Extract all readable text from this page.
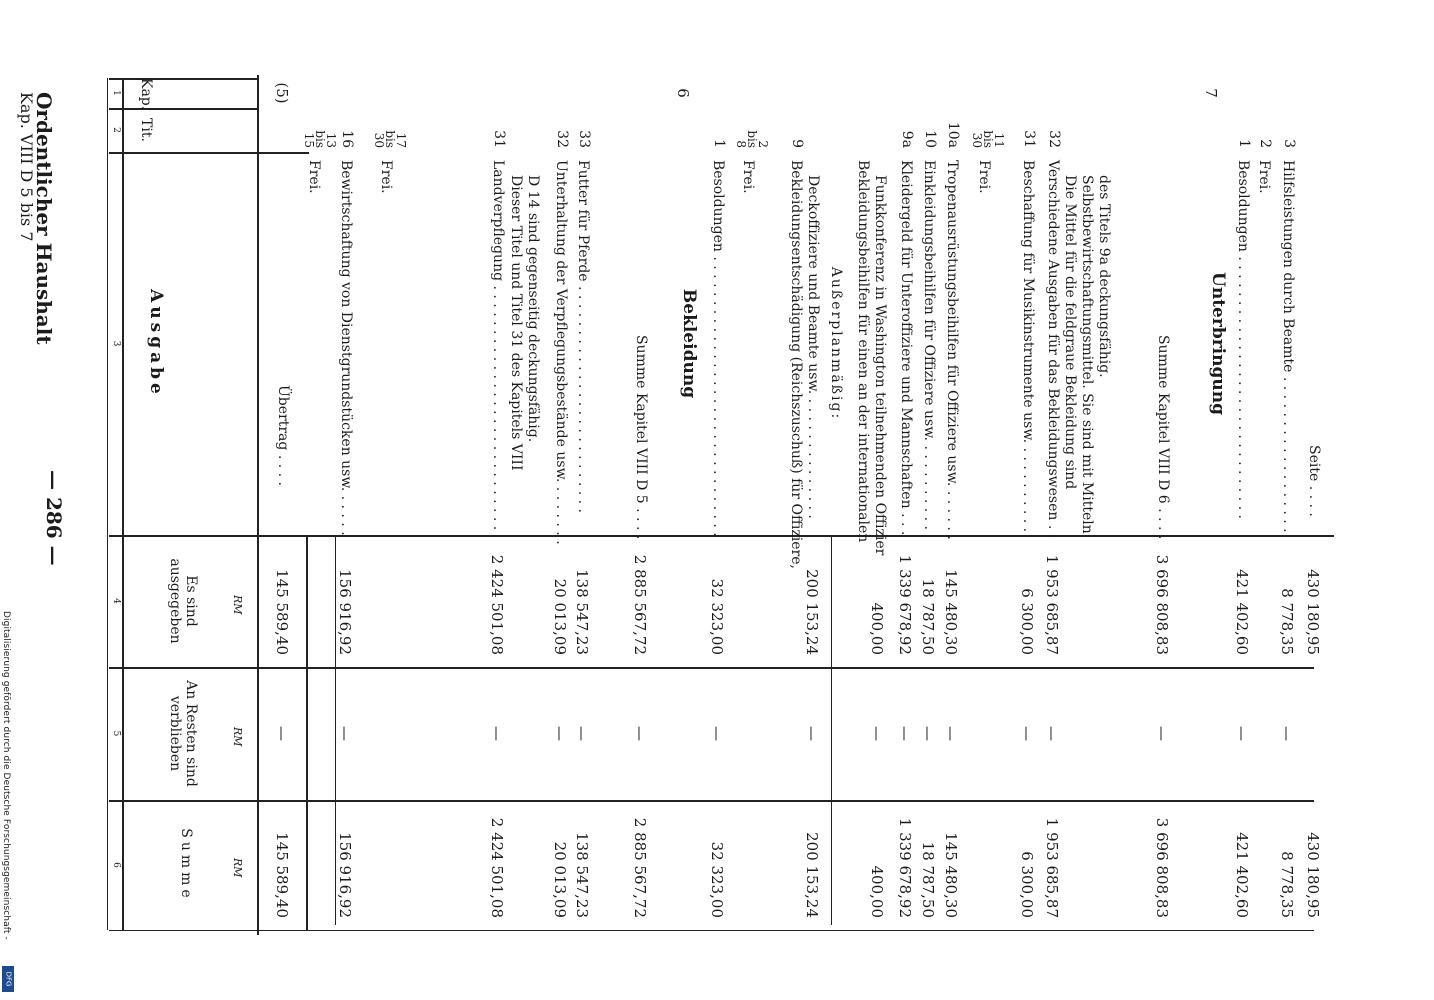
Digitalisierung gefördert durch die Deutsche Forschungsgemeinschaft -
DFG
Ordentlicher Haushalt
Kap. VIII D 5 bis 7
— 286 —
1
2
3
4
5
6
Kap.
Tit.
Ausgabe
Es sind ausgegeben
An Resten sind verblieben
Summe
RM
RM
RM
(5)
Übertrag . . . .
145 589,40
—
145 589,40
13
bis
15
Frei.
16
Bewirtschaftung von Dienstgrundstücken usw. . . . . .
156 916,92
—
156 916,92
17
bis
30
Frei.
31
Landverpflegung . . . . . . . . . . . . . . . . . . . . . . . . . . . . Dieser Titel und Titel 31 des Kapitels VIII D 14 sind gegenseitig deckungsfähig.
2 424 501,08
—
2 424 501,08
32
Unterhaltung der Verpflegungsbestände usw. . . . . . . .
20 013,09
—
20 013,09
33
Futter für Pferde . . . . . . . . . . . . . . . . . . . . . . . . . .
138 547,23
—
138 547,23
Summe Kapitel VIII D 5 . . . .
2 885 567,72
—
2 885 567,72
6
Bekleidung
1
Besoldungen . . . . . . . . . . . . . . . . . . . . . . . . . . . . . . . .
32 323,00
—
32 323,00
2
bis
8
Frei.
9
Bekleidungsentschädigung (Reichszuschuß) für Offiziere, Deckoffiziere und Beamte usw. . . . . . . . . . . . . . .
200 153,24
—
200 153,24
Außerplanmäßig: Bekleidungsbeihilfen für einen an der internationalen Funkkonferenz in Washington teilnehmenden Offizier
400,00
—
400,00
9a
Kleidergeld für Unteroffiziere und Mannschaften . . .
1 339 678,92
—
1 339 678,92
10
Einkleidungsbeihilfen für Offiziere usw. . . . . . . . . . .
18 787,50
—
18 787,50
10a
Tropenausrüstungsbeihilfen für Offiziere usw. . . . . . .
145 480,30
—
145 480,30
11
bis
30
Frei.
31
Beschaffung für Musikinstrumente usw. . . . . . . . . . .
6 300,00
—
6 300,00
32
Verschiedene Ausgaben für das Bekleidungswesen . . Die Mittel für die feldgraue Bekleidung sind Selbstbewirtschaftungsmittel. Sie sind mit Mitteln des Titels 9a deckungsfähig.
1 953 685,87
—
1 953 685,87
Summe Kapitel VIII D 6 . . . .
3 696 808,83
—
3 696 808,83
7
Unterbringung
1
Besoldungen . . . . . . . . . . . . . . . . . . . . . . . . . . . . . .
421 402,60
—
421 402,60
2
Frei.
3
Hilfsleistungen durch Beamte . . . . . . . . . . . . . . . . . .
8 778,35
—
8 778,35
Seite . . . .
430 180,95
430 180,95
